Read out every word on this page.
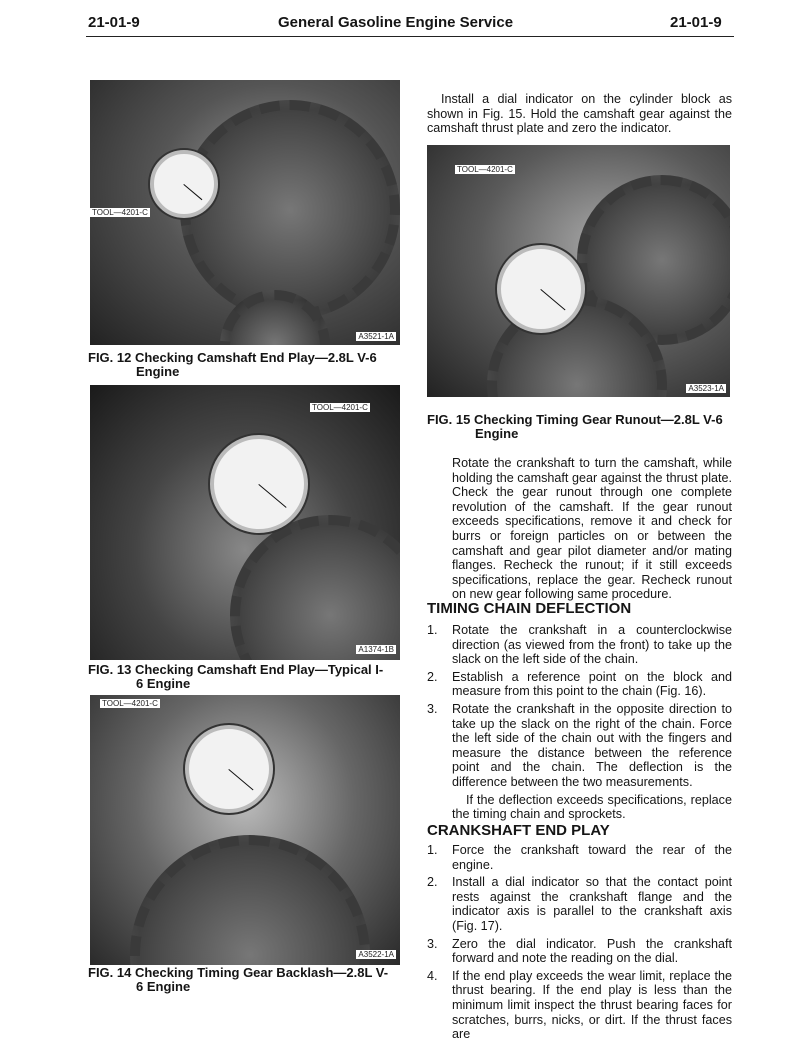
21-01-9	General Gasoline Engine Service	21-01-9
TOOL—4201-C
A3521-1A
FIG. 12 Checking Camshaft End Play—2.8L V-6
Engine
TOOL—4201-C
A1374-1B
FIG. 13 Checking Camshaft End Play—Typical I-
6 Engine
TOOL—4201-C
A3522-1A
FIG. 14 Checking Timing Gear Backlash—2.8L V-
6 Engine
Install a dial indicator on the cylinder block as shown in Fig. 15. Hold the camshaft gear against the camshaft thrust plate and zero the indicator.
TOOL—4201-C
A3523-1A
FIG. 15 Checking Timing Gear Runout—2.8L V-6
Engine
Rotate the crankshaft to turn the camshaft, while holding the camshaft gear against the thrust plate. Check the gear runout through one complete revolution of the camshaft. If the gear runout exceeds specifications, remove it and check for burrs or foreign particles on or between the camshaft and gear pilot diameter and/or mating flanges. Recheck the runout; if it still exceeds specifications, replace the gear. Recheck runout on new gear following same procedure.
TIMING CHAIN DEFLECTION
1. Rotate the crankshaft in a counterclockwise direction (as viewed from the front) to take up the slack on the left side of the chain.
2. Establish a reference point on the block and measure from this point to the chain (Fig. 16).
3. Rotate the crankshaft in the opposite direction to take up the slack on the right of the chain. Force the left side of the chain out with the fingers and measure the distance between the reference point and the chain. The deflection is the difference between the two measurements.
If the deflection exceeds specifications, replace the timing chain and sprockets.
CRANKSHAFT END PLAY
1. Force the crankshaft toward the rear of the engine.
2. Install a dial indicator so that the contact point rests against the crankshaft flange and the indicator axis is parallel to the crankshaft axis (Fig. 17).
3. Zero the dial indicator. Push the crankshaft forward and note the reading on the dial.
4. If the end play exceeds the wear limit, replace the thrust bearing. If the end play is less than the minimum limit inspect the thrust bearing faces for scratches, burrs, nicks, or dirt. If the thrust faces are
